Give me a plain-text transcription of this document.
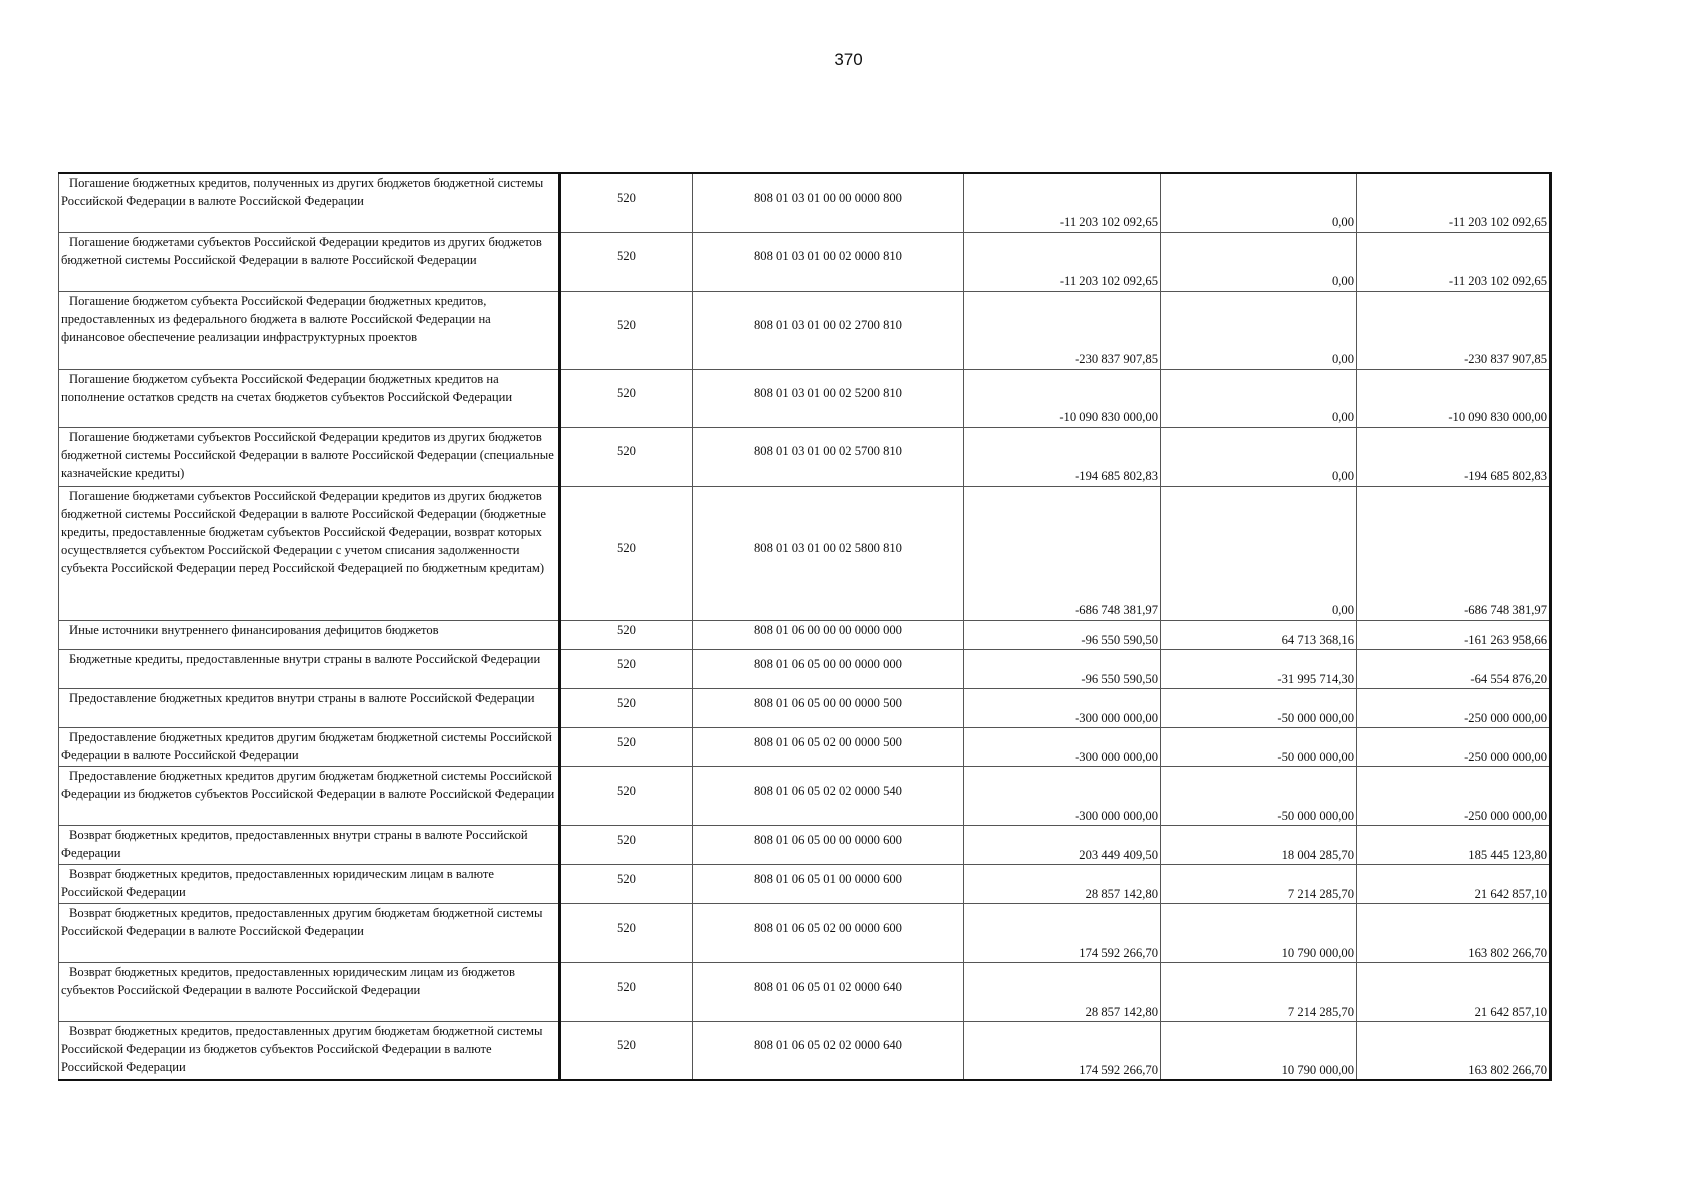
370
Погашение бюджетных кредитов, полученных из других бюджетов бюджетной системы Российской Федерации в валюте Российской Федерации	520	808 01 03 01 00 00 0000 800	-11 203 102 092,65	0,00	-11 203 102 092,65
Погашение бюджетами субъектов Российской Федерации кредитов из других бюджетов бюджетной системы Российской Федерации в валюте Российской Федерации	520	808 01 03 01 00 02 0000 810	-11 203 102 092,65	0,00	-11 203 102 092,65
Погашение бюджетом субъекта Российской Федерации бюджетных кредитов, предоставленных из федерального бюджета в валюте Российской Федерации на финансовое обеспечение реализации инфраструктурных проектов	520	808 01 03 01 00 02 2700 810	-230 837 907,85	0,00	-230 837 907,85
Погашение бюджетом субъекта Российской Федерации бюджетных кредитов на пополнение остатков средств на счетах бюджетов субъектов Российской Федерации	520	808 01 03 01 00 02 5200 810	-10 090 830 000,00	0,00	-10 090 830 000,00
Погашение бюджетами субъектов Российской Федерации кредитов из других бюджетов бюджетной системы Российской Федерации в валюте Российской Федерации (специальные казначейские кредиты)	520	808 01 03 01 00 02 5700 810	-194 685 802,83	0,00	-194 685 802,83
Погашение бюджетами субъектов Российской Федерации кредитов из других бюджетов бюджетной системы Российской Федерации в валюте Российской Федерации (бюджетные кредиты, предоставленные бюджетам субъектов Российской Федерации, возврат которых осуществляется субъектом Российской Федерации с учетом списания задолженности субъекта Российской Федерации перед Российской Федерацией по бюджетным кредитам)	520	808 01 03 01 00 02 5800 810	-686 748 381,97	0,00	-686 748 381,97
Иные источники внутреннего финансирования дефицитов бюджетов	520	808 01 06 00 00 00 0000 000	-96 550 590,50	64 713 368,16	-161 263 958,66
Бюджетные кредиты, предоставленные внутри страны в валюте Российской Федерации	520	808 01 06 05 00 00 0000 000	-96 550 590,50	-31 995 714,30	-64 554 876,20
Предоставление бюджетных кредитов внутри страны в валюте Российской Федерации	520	808 01 06 05 00 00 0000 500	-300 000 000,00	-50 000 000,00	-250 000 000,00
Предоставление бюджетных кредитов другим бюджетам бюджетной системы Российской Федерации в валюте Российской Федерации	520	808 01 06 05 02 00 0000 500	-300 000 000,00	-50 000 000,00	-250 000 000,00
Предоставление бюджетных кредитов другим бюджетам бюджетной системы Российской Федерации из бюджетов субъектов Российской Федерации в валюте Российской Федерации	520	808 01 06 05 02 02 0000 540	-300 000 000,00	-50 000 000,00	-250 000 000,00
Возврат бюджетных кредитов, предоставленных внутри страны в валюте Российской Федерации	520	808 01 06 05 00 00 0000 600	203 449 409,50	18 004 285,70	185 445 123,80
Возврат бюджетных кредитов, предоставленных юридическим лицам в валюте Российской Федерации	520	808 01 06 05 01 00 0000 600	28 857 142,80	7 214 285,70	21 642 857,10
Возврат бюджетных кредитов, предоставленных другим бюджетам бюджетной системы Российской Федерации в валюте Российской Федерации	520	808 01 06 05 02 00 0000 600	174 592 266,70	10 790 000,00	163 802 266,70
Возврат бюджетных кредитов, предоставленных юридическим лицам из бюджетов субъектов Российской Федерации в валюте Российской Федерации	520	808 01 06 05 01 02 0000 640	28 857 142,80	7 214 285,70	21 642 857,10
Возврат бюджетных кредитов, предоставленных другим бюджетам бюджетной системы Российской Федерации из бюджетов субъектов Российской Федерации в валюте Российской Федерации	520	808 01 06 05 02 02 0000 640	174 592 266,70	10 790 000,00	163 802 266,70
